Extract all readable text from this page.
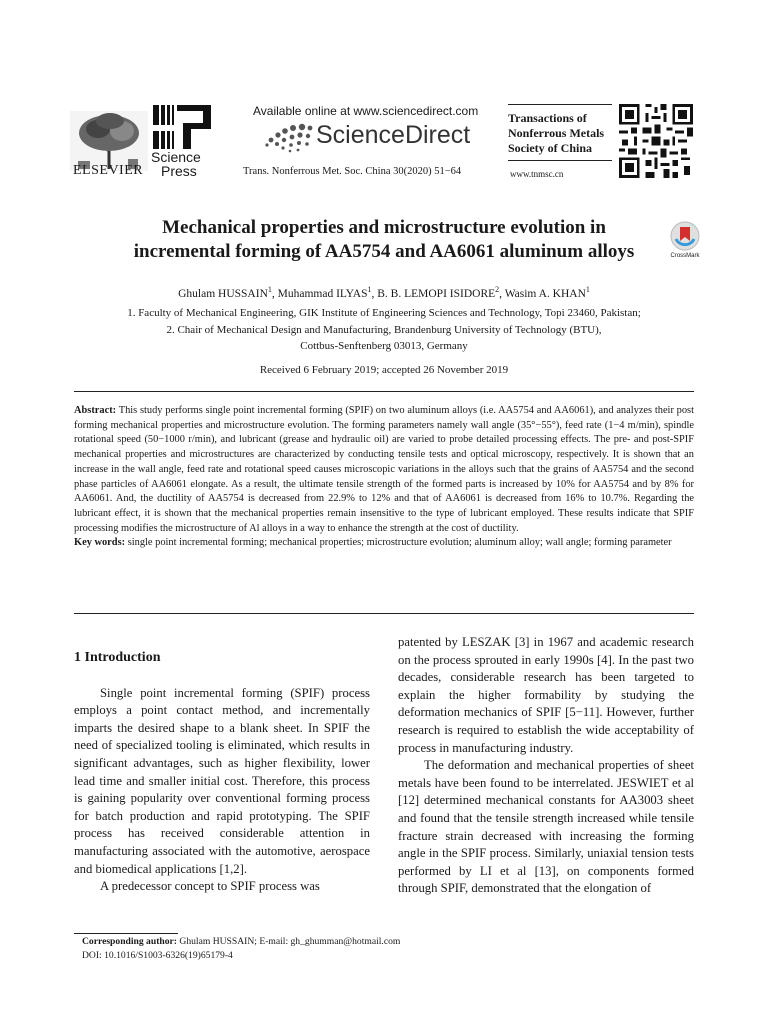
ELSEVIER
Science
Press
Available online at www.sciencedirect.com
ScienceDirect
Trans. Nonferrous Met. Soc. China 30(2020) 51−64
Transactions of
Nonferrous Metals
Society of China
www.tnmsc.cn
Mechanical properties and microstructure evolution in
incremental forming of AA5754 and AA6061 aluminum alloys	CrossMark
Ghulam HUSSAIN$^1$, Muhammad ILYAS$^1$, B. B. LEMOPI ISIDORE$^2$, Wasim A. KHAN$^1$
1. Faculty of Mechanical Engineering, GIK Institute of Engineering Sciences and Technology, Topi 23460, Pakistan;
2. Chair of Mechanical Design and Manufacturing, Brandenburg University of Technology (BTU),
Cottbus-Senftenberg 03013, Germany
Received 6 February 2019; accepted 26 November 2019
Abstract: This study performs single point incremental forming (SPIF) on two aluminum alloys (i.e. AA5754 and AA6061), and analyzes their post forming mechanical properties and microstructure evolution. The forming parameters namely wall angle (35°−55°), feed rate (1−4 m/min), spindle rotational speed (50−1000 r/min), and lubricant (grease and hydraulic oil) are varied to probe detailed processing effects. The pre- and post-SPIF mechanical properties and microstructures are characterized by conducting tensile tests and optical microscopy, respectively. It is shown that an increase in the wall angle, feed rate and rotational speed causes microscopic variations in the alloys such that the grains of AA5754 and the second phase particles of AA6061 elongate. As a result, the ultimate tensile strength of the formed parts is increased by 10% for AA5754 and by 8% for AA6061. And, the ductility of AA5754 is decreased from 22.9% to 12% and that of AA6061 is decreased from 16% to 10.7%. Regarding the lubricant effect, it is shown that the mechanical properties remain insensitive to the type of lubricant employed. These results indicate that SPIF processing modifies the microstructure of Al alloys in a way to enhance the strength at the cost of ductility.
Key words: single point incremental forming; mechanical properties; microstructure evolution; aluminum alloy; wall angle; forming parameter

1 Introduction

Single point incremental forming (SPIF) process employs a point contact method, and incrementally imparts the desired shape to a blank sheet. In SPIF the need of specialized tooling is eliminated, which results in significant advantages, such as higher flexibility, lower lead time and smaller initial cost. Therefore, this process is gaining popularity over conventional forming process for batch production and rapid prototyping. The SPIF process has received considerable attention in manufacturing associated with the automotive, aerospace and biomedical applications [1,2].

A predecessor concept to SPIF process was

patented by LESZAK [3] in 1967 and academic research on the process sprouted in early 1990s [4]. In the past two decades, considerable research has been targeted to explain the higher formability by studying the deformation mechanics of SPIF [5−11]. However, further research is required to establish the wide acceptability of process in manufacturing industry.

The deformation and mechanical properties of sheet metals have been found to be interrelated. JESWIET et al [12] determined mechanical constants for AA3003 sheet and found that the tensile strength increased while tensile fracture strain decreased with increasing the forming angle in the SPIF process. Similarly, uniaxial tension tests performed by LI et al [13], on components formed through SPIF, demonstrated that the elongation of

Corresponding author: Ghulam HUSSAIN; E-mail: gh_ghumman@hotmail.com
DOI: 10.1016/S1003-6326(19)65179-4
